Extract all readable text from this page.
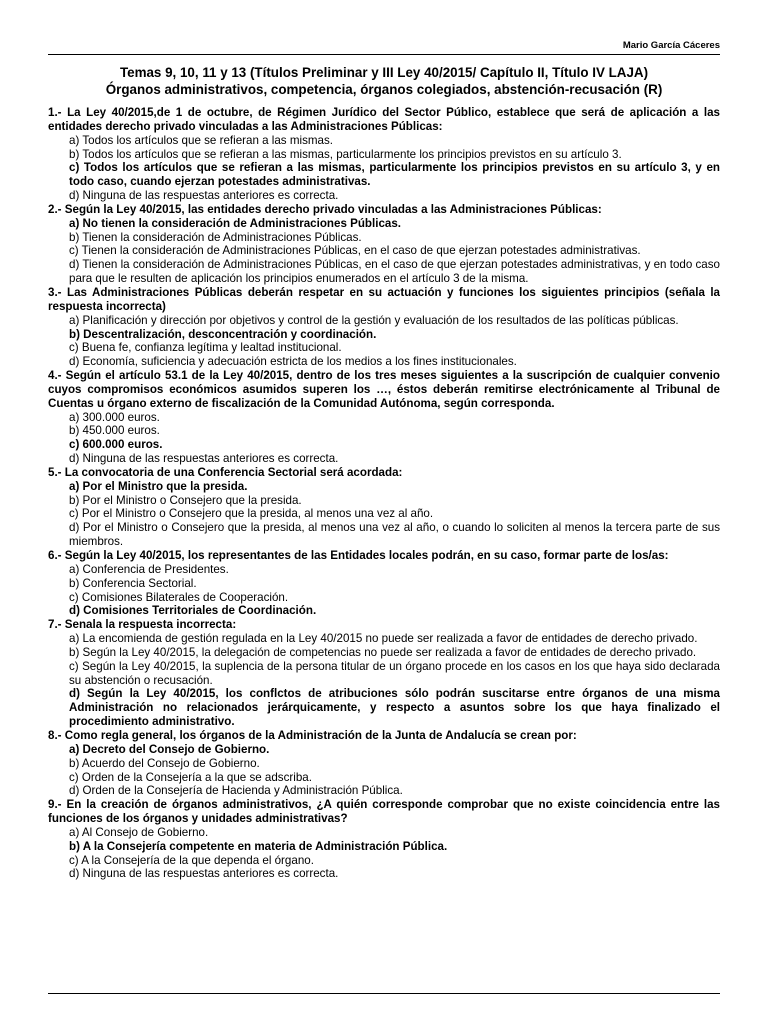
Mario García Cáceres
Temas 9, 10, 11 y 13 (Títulos Preliminar y III Ley 40/2015/ Capítulo II, Título IV LAJA)
Órganos administrativos, competencia, órganos colegiados, abstención-recusación (R)

1.- La Ley 40/2015,de 1 de octubre, de Régimen Jurídico del Sector Público, establece que será de aplicación a las entidades derecho privado vinculadas a las Administraciones Públicas:

a) Todos los artículos que se refieran a las mismas.

b) Todos los artículos que se refieran a las mismas, particularmente los principios previstos en su artículo 3.

c) Todos los artículos que se refieran a las mismas, particularmente los principios previstos en su artículo 3, y en todo caso, cuando ejerzan potestades administrativas.

d) Ninguna de las respuestas anteriores es correcta.

2.- Según la Ley 40/2015, las entidades derecho privado vinculadas a las Administraciones Públicas:

a) No tienen la consideración de Administraciones Públicas.

b) Tienen la consideración de Administraciones Públicas.

c) Tienen la consideración de Administraciones Públicas, en el caso de que ejerzan potestades administrativas.

d) Tienen la consideración de Administraciones Públicas, en el caso de que ejerzan potestades administrativas, y en todo caso para que le resulten de aplicación los principios enumerados en el artículo 3 de la misma.

3.- Las Administraciones Públicas deberán respetar en su actuación y funciones los siguientes principios (señala la respuesta incorrecta)

a) Planificación y dirección por objetivos y control de la gestión y evaluación de los resultados de las políticas públicas.

b) Descentralización, desconcentración y coordinación.

c) Buena fe, confianza legítima y lealtad institucional.

d) Economía, suficiencia y adecuación estricta de los medios a los fines institucionales.

4.- Según el artículo 53.1 de la Ley 40/2015, dentro de los tres meses siguientes a la suscripción de cualquier convenio cuyos compromisos económicos asumidos superen los …, éstos deberán remitirse electrónicamente al Tribunal de Cuentas u órgano externo de fiscalización de la Comunidad Autónoma, según corresponda.

a) 300.000 euros.

b) 450.000 euros.

c) 600.000 euros.

d) Ninguna de las respuestas anteriores es correcta.

5.- La convocatoria de una Conferencia Sectorial será acordada:

a) Por el Ministro que la presida.

b) Por el Ministro o Consejero que la presida.

c) Por el Ministro o Consejero que la presida, al menos una vez al año.

d) Por el Ministro o Consejero que la presida, al menos una vez al año, o cuando lo soliciten al menos la tercera parte de sus miembros.

6.- Según la Ley 40/2015, los representantes de las Entidades locales podrán, en su caso, formar parte de los/as:

a) Conferencia de Presidentes.

b) Conferencia Sectorial.

c) Comisiones Bilaterales de Cooperación.

d) Comisiones Territoriales de Coordinación.

7.- Senala la respuesta incorrecta:

a) La encomienda de gestión regulada en la Ley 40/2015 no puede ser realizada a favor de entidades de derecho privado.

b) Según la Ley 40/2015, la delegación de competencias no puede ser realizada a favor de entidades de derecho privado.

c) Según la Ley 40/2015, la suplencia de la persona titular de un órgano procede en los casos en los que haya sido declarada su abstención o recusación.

d) Según la Ley 40/2015, los conflctos de atribuciones sólo podrán suscitarse entre órganos de una misma Administración no relacionados jerárquicamente, y respecto a asuntos sobre los que haya finalizado el procedimiento administrativo.

8.- Como regla general, los órganos de la Administración de la Junta de Andalucía se crean por:

a) Decreto del Consejo de Gobierno.

b) Acuerdo del Consejo de Gobierno.

c) Orden de la Consejería a la que se adscriba.

d) Orden de la Consejería de Hacienda y Administración Pública.

9.- En la creación de órganos administrativos, ¿A quién corresponde comprobar que no existe coincidencia entre las funciones de los órganos y unidades administrativas?

a) Al Consejo de Gobierno.

b) A la Consejería competente en materia de Administración Pública.

c) A la Consejería de la que dependa el órgano.

d) Ninguna de las respuestas anteriores es correcta.
